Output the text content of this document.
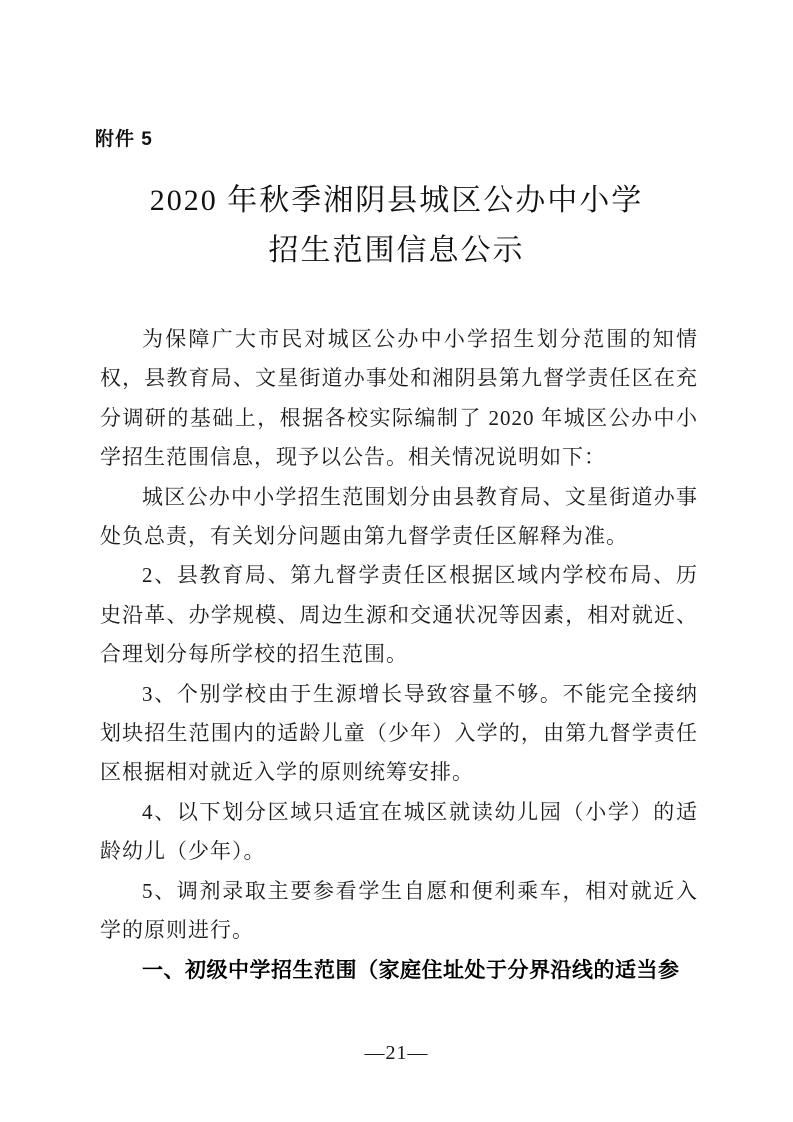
附件 5
2020 年秋季湘阴县城区公办中小学
招生范围信息公示

为保障广大市民对城区公办中小学招生划分范围的知情权，县教育局、文星街道办事处和湘阴县第九督学责任区在充分调研的基础上，根据各校实际编制了 2020 年城区公办中小学招生范围信息，现予以公告。相关情况说明如下：

城区公办中小学招生范围划分由县教育局、文星街道办事处负总责，有关划分问题由第九督学责任区解释为准。

2、县教育局、第九督学责任区根据区域内学校布局、历史沿革、办学规模、周边生源和交通状况等因素，相对就近、合理划分每所学校的招生范围。

3、个别学校由于生源增长导致容量不够。不能完全接纳划块招生范围内的适龄儿童（少年）入学的，由第九督学责任区根据相对就近入学的原则统筹安排。

4、以下划分区域只适宜在城区就读幼儿园（小学）的适龄幼儿（少年）。

5、调剂录取主要参看学生自愿和便利乘车，相对就近入学的原则进行。

一、初级中学招生范围（家庭住址处于分界沿线的适当参

—21—
